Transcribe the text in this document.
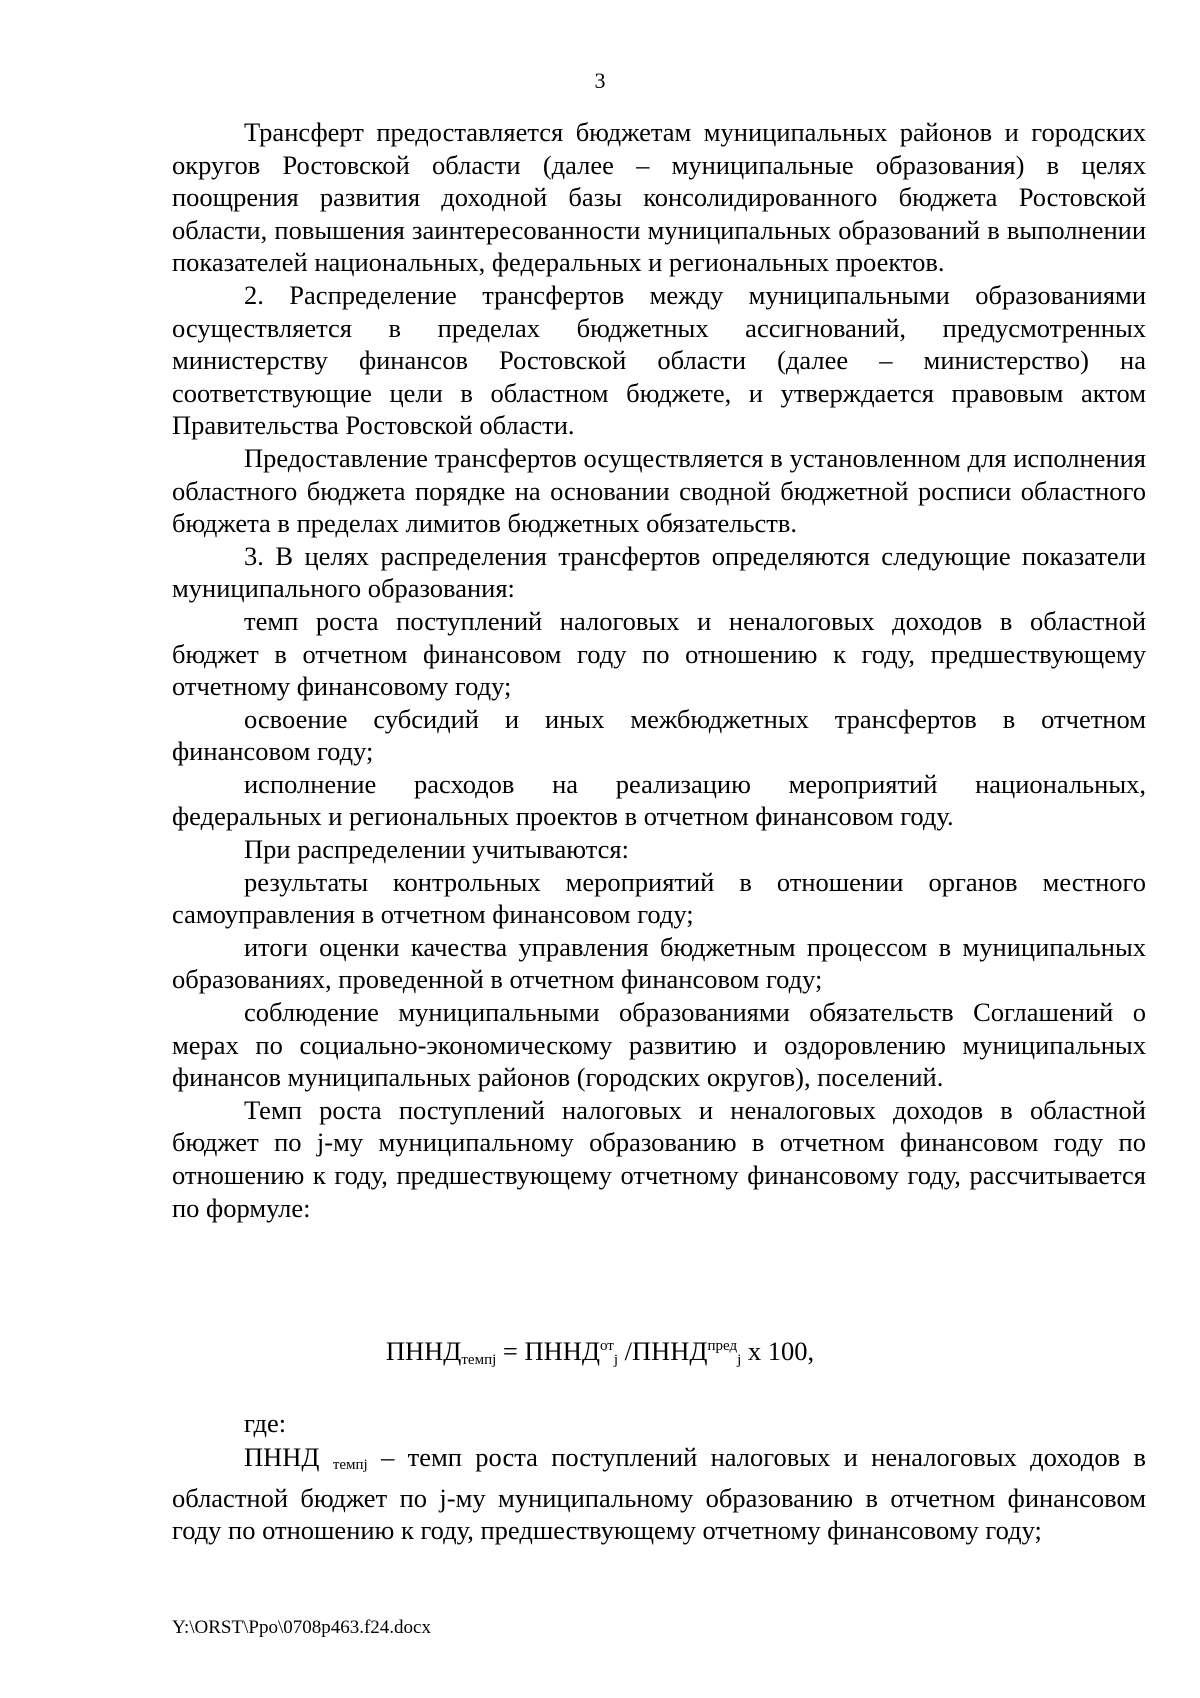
3

Трансферт предоставляется бюджетам муниципальных районов и городских округов Ростовской области (далее – муниципальные образования) в целях поощрения развития доходной базы консолидированного бюджета Ростовской области, повышения заинтересованности муниципальных образований в выполнении показателей национальных, федеральных и региональных проектов.

2. Распределение трансфертов между муниципальными образованиями осуществляется в пределах бюджетных ассигнований, предусмотренных министерству финансов Ростовской области (далее – министерство) на соответствующие цели в областном бюджете, и утверждается правовым актом Правительства Ростовской области.

Предоставление трансфертов осуществляется в установленном для исполнения областного бюджета порядке на основании сводной бюджетной росписи областного бюджета в пределах лимитов бюджетных обязательств.

3. В целях распределения трансфертов определяются следующие показатели муниципального образования:

темп роста поступлений налоговых и неналоговых доходов в областной бюджет в отчетном финансовом году по отношению к году, предшествующему отчетному финансовому году;

освоение субсидий и иных межбюджетных трансфертов в отчетном финансовом году;

исполнение расходов на реализацию мероприятий национальных, федеральных и региональных проектов в отчетном финансовом году.

При распределении учитываются:

результаты контрольных мероприятий в отношении органов местного самоуправления в отчетном финансовом году;

итоги оценки качества управления бюджетным процессом в муниципальных образованиях, проведенной в отчетном финансовом году;

соблюдение муниципальными образованиями обязательств Соглашений о мерах по социально-экономическому развитию и оздоровлению муниципальных финансов муниципальных районов (городских округов), поселений.

Темп роста поступлений налоговых и неналоговых доходов в областной бюджет по j-му муниципальному образованию в отчетном финансовом году по отношению к году, предшествующему отчетному финансовому году, рассчитывается по формуле:

$ПННД_{темпj}$ = $ПННД^{от}_j$ $/ПННД^{пред}_j$ х 100,
где:

ПННД $_{темпj}$ – темп роста поступлений налоговых и неналоговых доходов в областной бюджет по j-му муниципальному образованию в отчетном финансовом году по отношению к году, предшествующему отчетному финансовому году;

Y:\ORST\Ppo\0708p463.f24.docx
